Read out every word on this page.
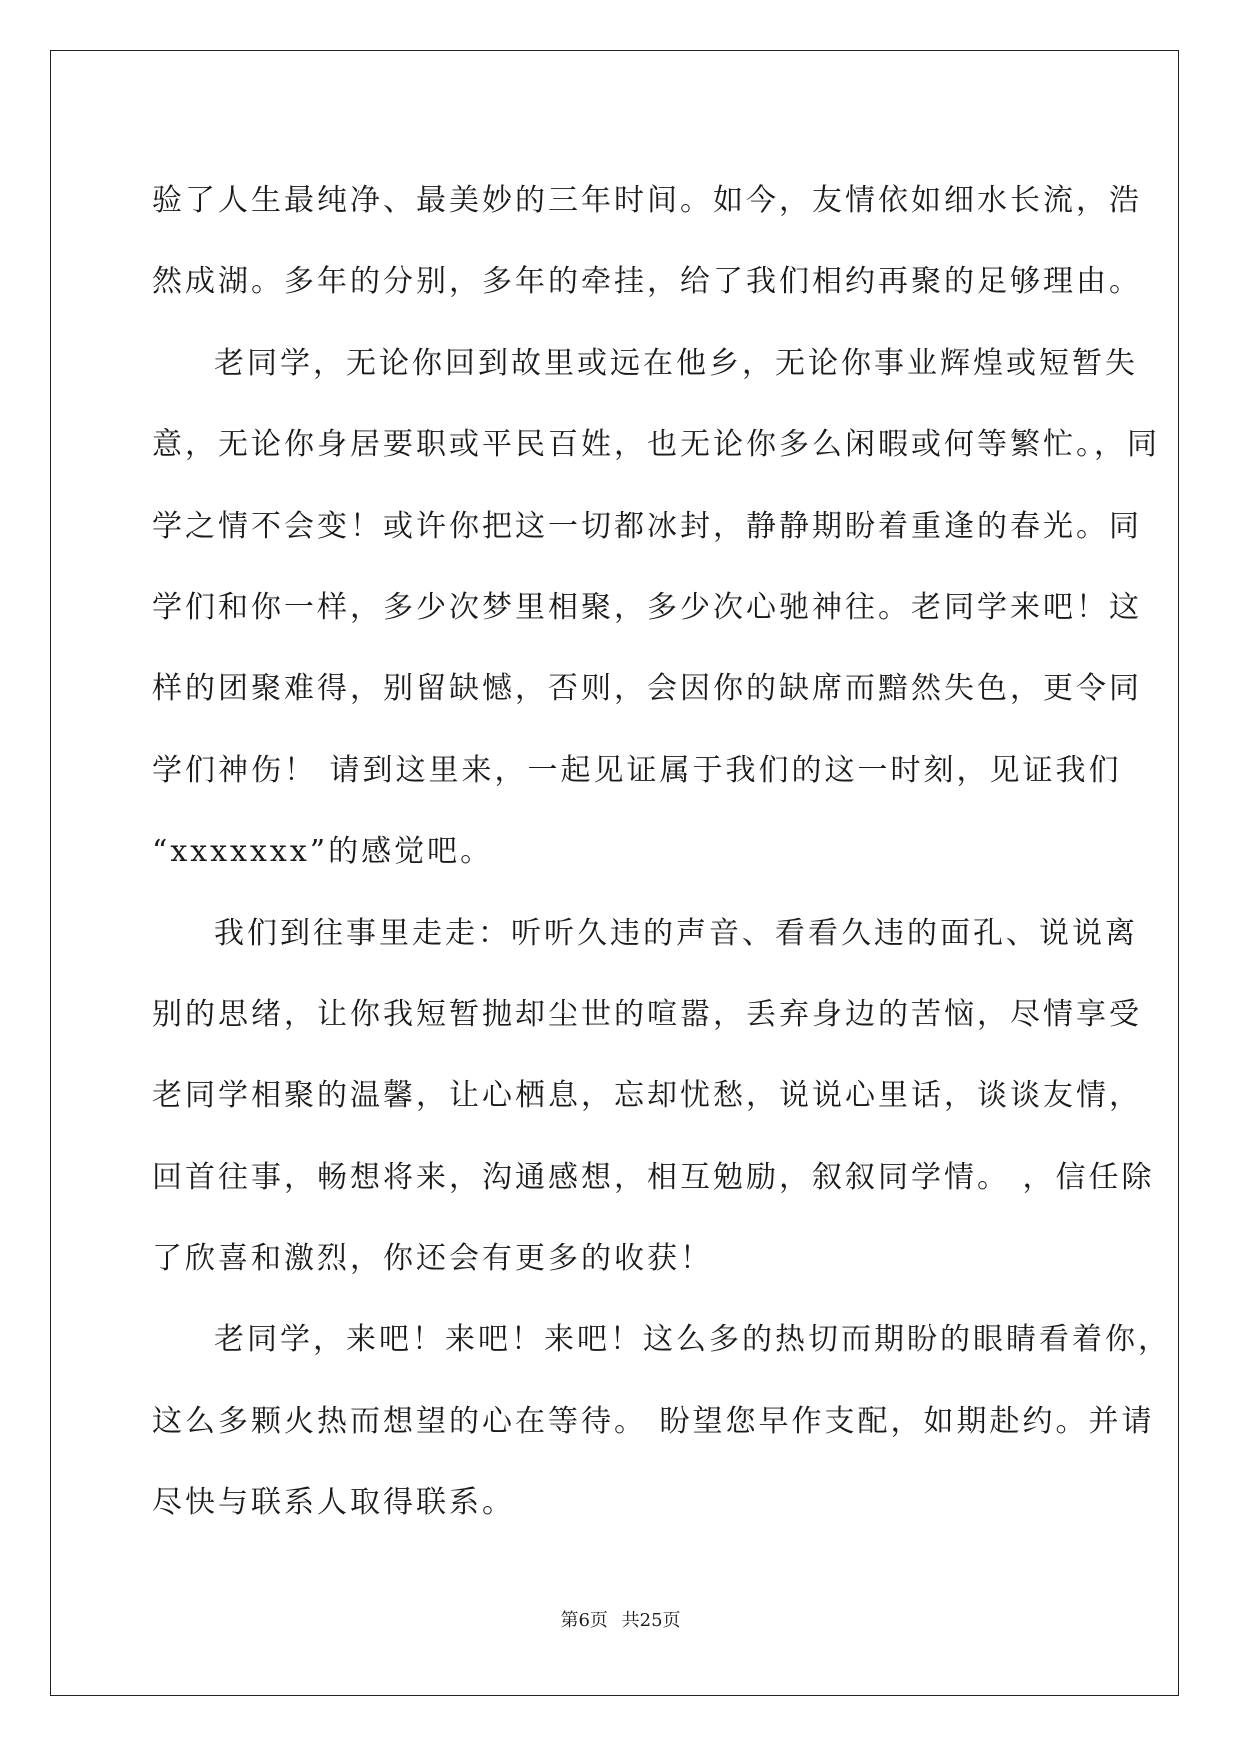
验了人生最纯净、最美妙的三年时间。如今，友情依如细水长流，浩
然成湖。多年的分别，多年的牵挂，给了我们相约再聚的足够理由。
老同学，无论你回到故里或远在他乡，无论你事业辉煌或短暂失
意，无论你身居要职或平民百姓，也无论你多么闲暇或何等繁忙。，同
学之情不会变！或许你把这一切都冰封，静静期盼着重逢的春光。同
学们和你一样，多少次梦里相聚，多少次心驰神往。老同学来吧！这
样的团聚难得，别留缺憾，否则，会因你的缺席而黯然失色，更令同
学们神伤！ 请到这里来，一起见证属于我们的这一时刻，见证我们
“xxxxxxx”的感觉吧。
我们到往事里走走：听听久违的声音、看看久违的面孔、说说离
别的思绪，让你我短暂抛却尘世的喧嚣，丢弃身边的苦恼，尽情享受
老同学相聚的温馨，让心栖息，忘却忧愁，说说心里话，谈谈友情，
回首往事，畅想将来，沟通感想，相互勉励，叙叙同学情。 ，信任除
了欣喜和激烈，你还会有更多的收获！
老同学，来吧！来吧！来吧！这么多的热切而期盼的眼睛看着你，
这么多颗火热而想望的心在等待。 盼望您早作支配，如期赴约。并请
尽快与联系人取得联系。
第6页 共25页
